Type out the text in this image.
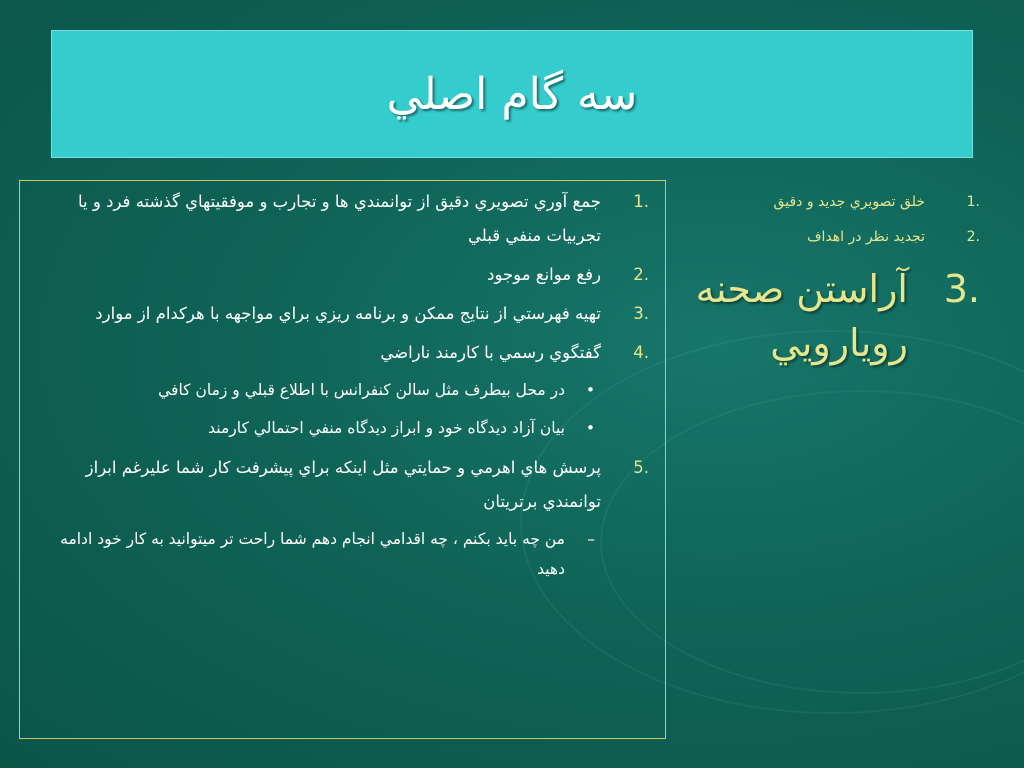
سه گام اصلي
.1
جمع آوري تصويري دقيق از توانمندي ها و تجارب و موفقيتهاي گذشته فرد و يا تجربيات منفي قبلي
.2
رفع موانع موجود
.3
تهيه فهرستي از نتايج ممكن و برنامه ريزي براي مواجهه با هركدام از موارد
.4
گفتگوي رسمي با كارمند ناراضي
•
در محل بيطرف مثل سالن كنفرانس با اطلاع قبلي و زمان كافي
•
بيان آزاد ديدگاه خود و ابراز ديدگاه منفي احتمالي كارمند
.5
پرسش هاي اهرمي و حمايتي مثل اينكه براي پيشرفت كار شما عليرغم ابراز توانمندي برتريتان
–
من چه بايد بكنم ، چه اقدامي انجام دهم شما راحت تر ميتوانيد به كار خود ادامه دهيد
.1
خلق تصويري جديد و دقيق
.2
تجديد نظر در اهداف
.3
آراستن صحنه رويارويي
